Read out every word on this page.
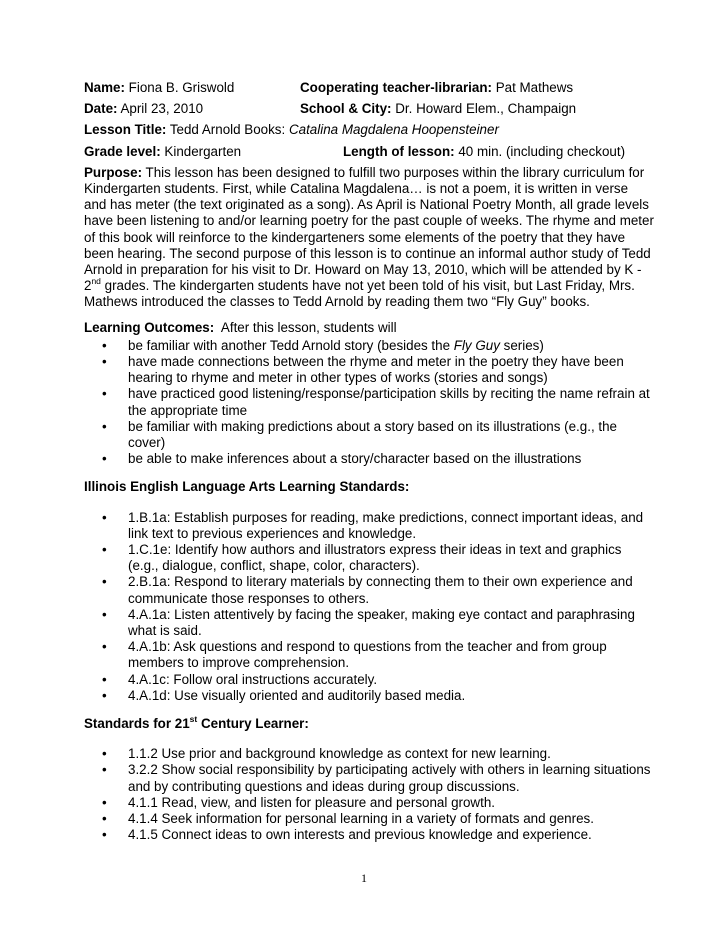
Name: Fiona B. Griswold	Cooperating teacher-librarian: Pat Mathews
Date: April 23, 2010	School & City: Dr. Howard Elem., Champaign
Lesson Title: Tedd Arnold Books: Catalina Magdalena Hoopensteiner
Grade level: Kindergarten	Length of lesson: 40 min. (including checkout)

Purpose: This lesson has been designed to fulfill two purposes within the library curriculum for Kindergarten students. First, while Catalina Magdalena… is not a poem, it is written in verse and has meter (the text originated as a song). As April is National Poetry Month, all grade levels have been listening to and/or learning poetry for the past couple of weeks. The rhyme and meter of this book will reinforce to the kindergarteners some elements of the poetry that they have been hearing. The second purpose of this lesson is to continue an informal author study of Tedd Arnold in preparation for his visit to Dr. Howard on May 13, 2010, which will be attended by K - 2nd grades. The kindergarten students have not yet been told of his visit, but Last Friday, Mrs. Mathews introduced the classes to Tedd Arnold by reading them two “Fly Guy” books.

Learning Outcomes: After this lesson, students will

• be familiar with another Tedd Arnold story (besides the Fly Guy series)
• have made connections between the rhyme and meter in the poetry they have been hearing to rhyme and meter in other types of works (stories and songs)
• have practiced good listening/response/participation skills by reciting the name refrain at the appropriate time
• be familiar with making predictions about a story based on its illustrations (e.g., the cover)
• be able to make inferences about a story/character based on the illustrations

Illinois English Language Arts Learning Standards:

• 1.B.1a: Establish purposes for reading, make predictions, connect important ideas, and link text to previous experiences and knowledge.
• 1.C.1e: Identify how authors and illustrators express their ideas in text and graphics (e.g., dialogue, conflict, shape, color, characters).
• 2.B.1a: Respond to literary materials by connecting them to their own experience and communicate those responses to others.
• 4.A.1a: Listen attentively by facing the speaker, making eye contact and paraphrasing what is said.
• 4.A.1b: Ask questions and respond to questions from the teacher and from group members to improve comprehension.
• 4.A.1c: Follow oral instructions accurately.
• 4.A.1d: Use visually oriented and auditorily based media.

Standards for 21st Century Learner:

• 1.1.2 Use prior and background knowledge as context for new learning.
• 3.2.2 Show social responsibility by participating actively with others in learning situations and by contributing questions and ideas during group discussions.
• 4.1.1 Read, view, and listen for pleasure and personal growth.
• 4.1.4 Seek information for personal learning in a variety of formats and genres.
• 4.1.5 Connect ideas to own interests and previous knowledge and experience.
1
